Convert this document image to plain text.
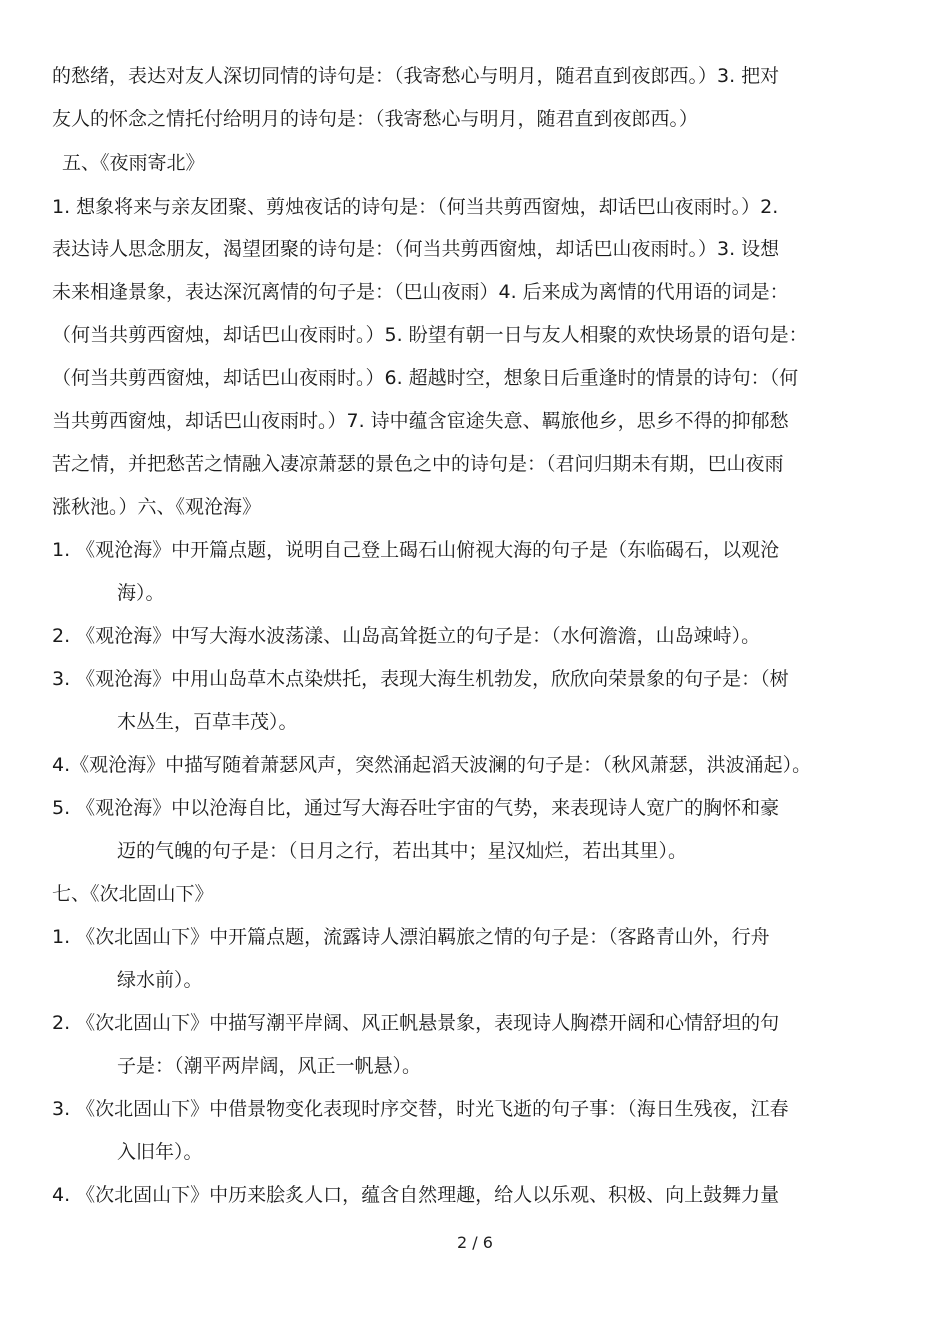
的愁绪，表达对友人深切同情的诗句是：（我寄愁心与明月，随君直到夜郎西。）3. 把对
友人的怀念之情托付给明月的诗句是：（我寄愁心与明月，随君直到夜郎西。）
五、《夜雨寄北》
1. 想象将来与亲友团聚、剪烛夜话的诗句是：（何当共剪西窗烛，却话巴山夜雨时。）2.
表达诗人思念朋友，渴望团聚的诗句是：（何当共剪西窗烛，却话巴山夜雨时。）3. 设想
未来相逢景象，表达深沉离情的句子是：（巴山夜雨）4. 后来成为离情的代用语的词是：
（何当共剪西窗烛，却话巴山夜雨时。）5. 盼望有朝一日与友人相聚的欢快场景的语句是：
（何当共剪西窗烛，却话巴山夜雨时。）6. 超越时空，想象日后重逢时的情景的诗句：（何
当共剪西窗烛，却话巴山夜雨时。）7. 诗中蕴含宦途失意、羁旅他乡，思乡不得的抑郁愁
苦之情，并把愁苦之情融入凄凉萧瑟的景色之中的诗句是：（君问归期未有期，巴山夜雨
涨秋池。）六、《观沧海》
1. 《观沧海》中开篇点题，说明自己登上碣石山俯视大海的句子是（东临碣石，以观沧
海）。
2. 《观沧海》中写大海水波荡漾、山岛高耸挺立的句子是：（水何澹澹，山岛竦峙）。
3. 《观沧海》中用山岛草木点染烘托，表现大海生机勃发，欣欣向荣景象的句子是：（树
木丛生，百草丰茂）。
4.《观沧海》中描写随着萧瑟风声，突然涌起滔天波澜的句子是：（秋风萧瑟，洪波涌起）。
5. 《观沧海》中以沧海自比，通过写大海吞吐宇宙的气势，来表现诗人宽广的胸怀和豪
迈的气魄的句子是：（日月之行，若出其中；星汉灿烂，若出其里）。
七、《次北固山下》
1. 《次北固山下》中开篇点题，流露诗人漂泊羁旅之情的句子是：（客路青山外，行舟
绿水前）。
2. 《次北固山下》中描写潮平岸阔、风正帆悬景象，表现诗人胸襟开阔和心情舒坦的句
子是：（潮平两岸阔，风正一帆悬）。
3. 《次北固山下》中借景物变化表现时序交替，时光飞逝的句子事：（海日生残夜，江春
入旧年）。
4. 《次北固山下》中历来脍炙人口，蕴含自然理趣，给人以乐观、积极、向上鼓舞力量
2 / 6
